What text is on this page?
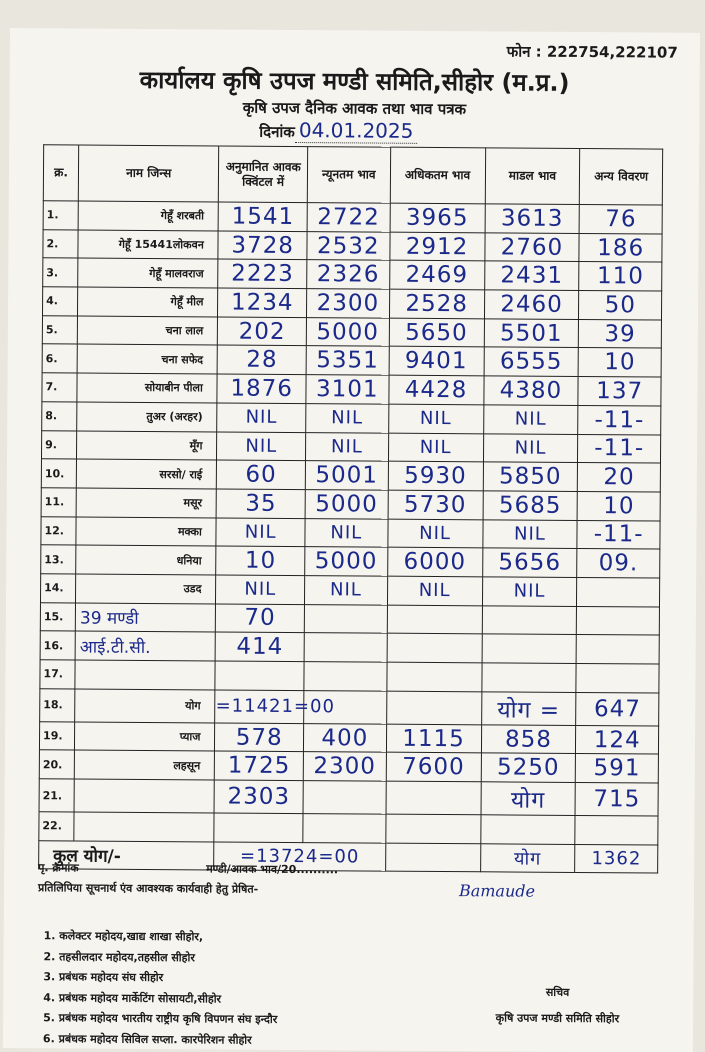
फोन : 222754,222107
कार्यालय कृषि उपज मण्डी समिति,सीहोर (म.प्र.)
कृषि उपज दैनिक आवक तथा भाव पत्रक
दिनांक 04.01.2025
क्र.	नाम जिन्स	अनुमानित आवक क्विंटल में	न्यूनतम भाव	अधिकतम भाव	माडल भाव	अन्य विवरण
1.	गेहूँ शरबती	1541	2722	3965	3613	76
2.	गेहूँ 15441लोकवन	3728	2532	2912	2760	186
3.	गेहूँ मालवराज	2223	2326	2469	2431	110
4.	गेहूँ मील	1234	2300	2528	2460	50
5.	चना लाल	202	5000	5650	5501	39
6.	चना सफेद	28	5351	9401	6555	10
7.	सोयाबीन पीला	1876	3101	4428	4380	137
8.	तुअर (अरहर)	NIL	NIL	NIL	NIL	-11-
9.	मूँग	NIL	NIL	NIL	NIL	-11-
10.	सरसो/ राई	60	5001	5930	5850	20
11.	मसूर	35	5000	5730	5685	10
12.	मक्का	NIL	NIL	NIL	NIL	-11-
13.	धनिया	10	5000	6000	5656	09.
14.	उडद	NIL	NIL	NIL	NIL	
15.	39 मण्डी	70				
16.	आई.टी.सी.	414				
17.						
18.	योग	=11421=00			योग =	647
19.	प्याज	578	400	1115	858	124
20.	लहसून	1725	2300	7600	5250	591
21.		2303			योग	715
22.						
कुल योग/-		=13724=00			योग	1362
पृ. क्रमांक	मण्डी/आवक भाव/20..........
प्रतिलिपिया सूचनार्थ एंव आवश्यक कार्यवाही हेतु प्रेषित-	Bamaude
1. कलेक्टर महोदय,खाद्य शाखा सीहोर,
2. तहसीलदार महोदय,तहसील सीहोर
3. प्रबंधक महोदय संघ सीहोर
4. प्रबंधक महोदय मार्केटिंग सोसायटी,सीहोर
5. प्रबंधक महोदय भारतीय राष्ट्रीय कृषि विपणन संघ इन्दौर
6. प्रबंधक महोदय सिविल सप्ला. कारपेरिशन सीहोर
सचिव
कृषि उपज मण्डी समिति सीहोर
